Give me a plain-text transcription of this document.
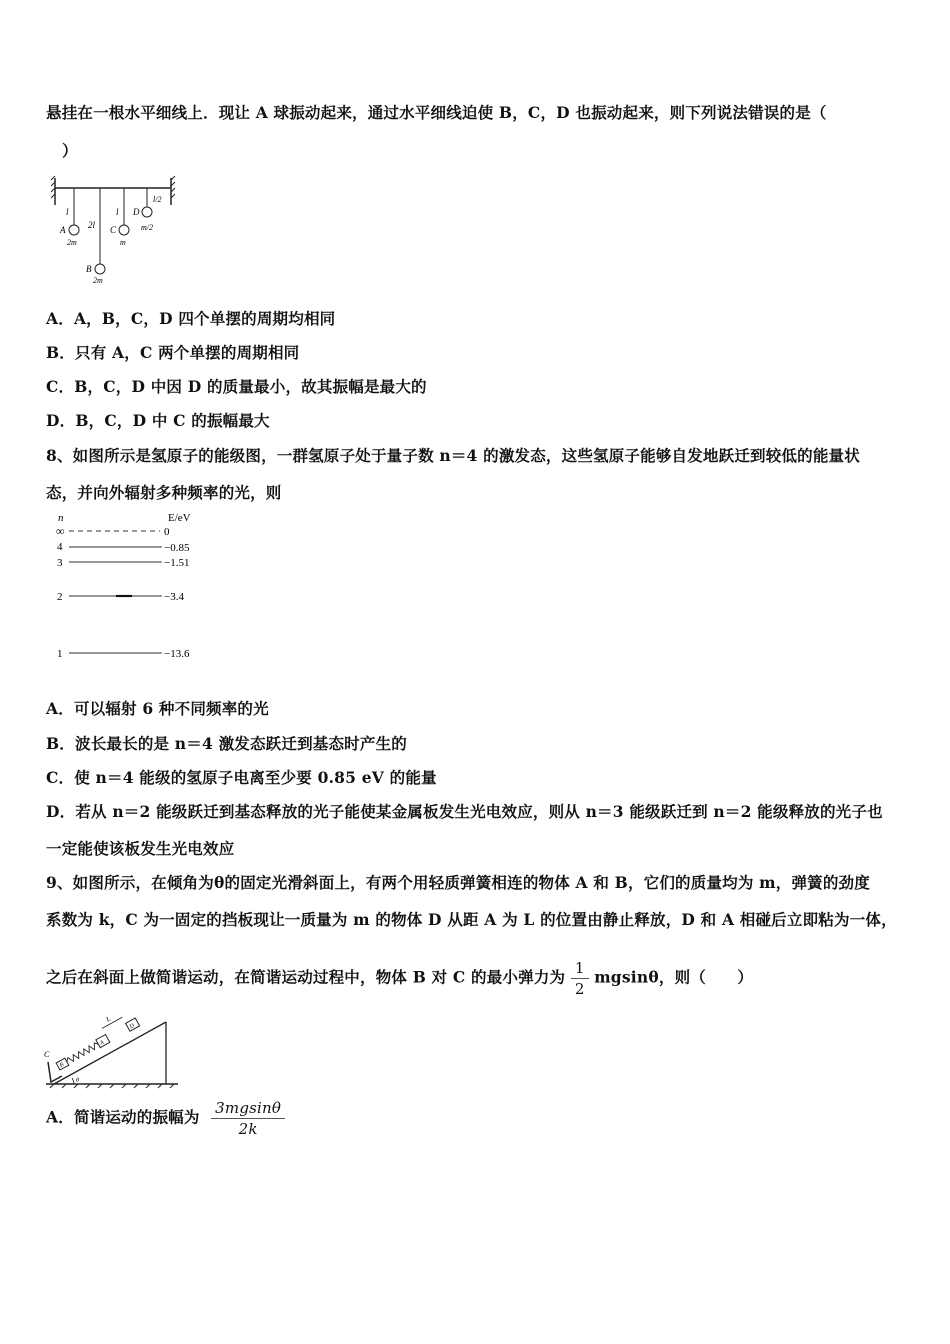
悬挂在一根水平细线上．现让 A 球振动起来，通过水平细线迫使 B，C，D 也振动起来，则下列说法错误的是（
）
l
A
2m
2l
B
2m
l
C
m
l/2
D
m/2
A．A，B，C，D 四个单摆的周期均相同
B．只有 A，C 两个单摆的周期相同
C．B，C，D 中因 D 的质量最小，故其振幅是最大的
D．B，C，D 中 C 的振幅最大
8、如图所示是氢原子的能级图，一群氢原子处于量子数 n＝4 的激发态，这些氢原子能够自发地跃迁到较低的能量状
态，并向外辐射多种频率的光，则
n	E/eV
∞	0
4	−0.85
3	−1.51
2	−3.4
1	−13.6
A．可以辐射 6 种不同频率的光
B．波长最长的是 n＝4 激发态跃迁到基态时产生的
C．使 n＝4 能级的氢原子电离至少要 0.85 eV 的能量
D．若从 n＝2 能级跃迁到基态释放的光子能使某金属板发生光电效应，则从 n＝3 能级跃迁到 n＝2 能级释放的光子也
一定能使该板发生光电效应
9、如图所示，在倾角为θ的固定光滑斜面上，有两个用轻质弹簧相连的物体 A 和 B，它们的质量均为 m，弹簧的劲度
系数为 k，C 为一固定的挡板现让一质量为 m 的物体 D 从距 A 为 L 的位置由静止释放，D 和 A 相碰后立即粘为一体，
之后在斜面上做简谐运动，在简谐运动过程中，物体 B 对 C 的最小弹力为 $\frac{1}{2}$ mgsinθ，则（　　）
C
B
A
L
D
θ
A．简谐运动的振幅为 $\frac{3mgsin\theta}{2k}$
